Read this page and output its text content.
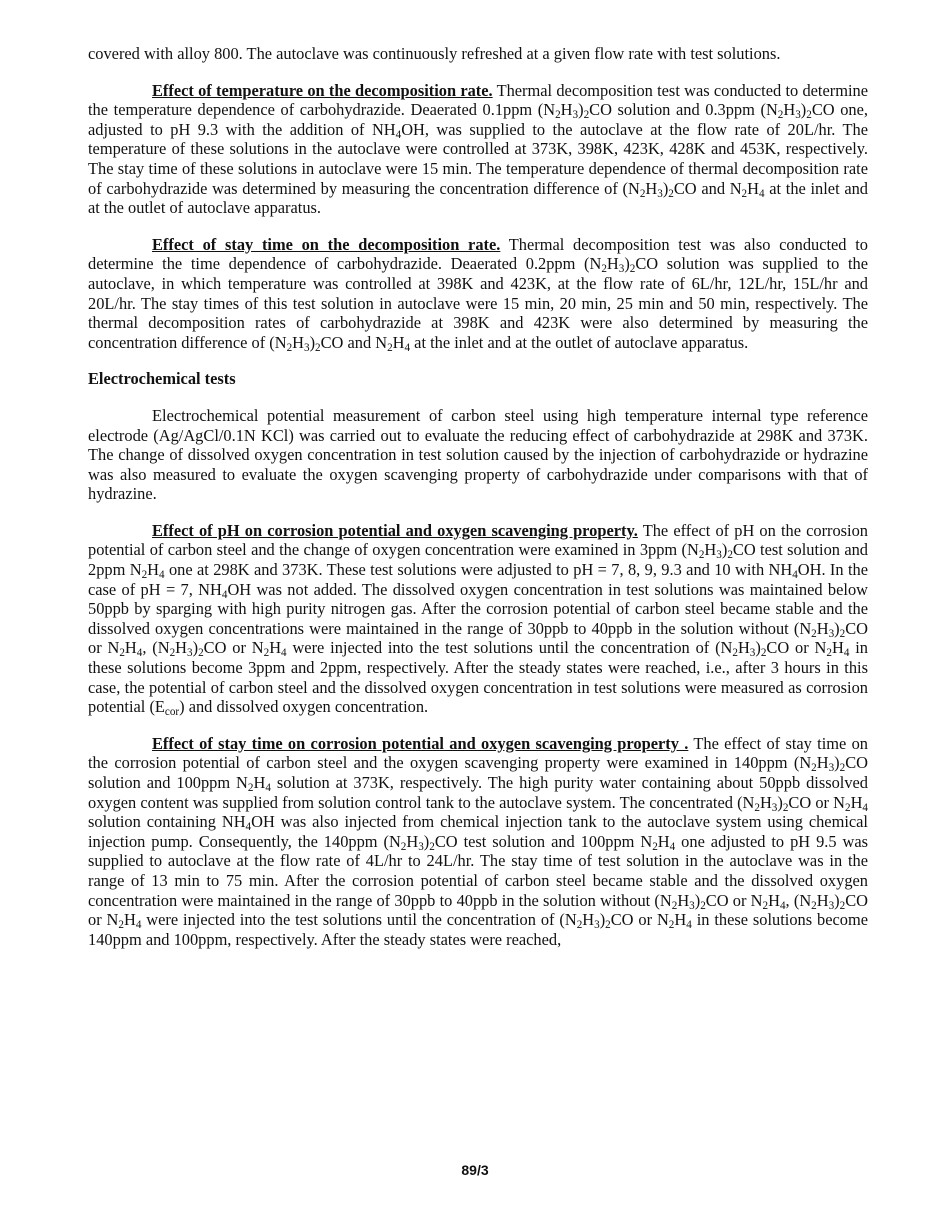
covered with alloy 800. The autoclave was continuously refreshed at a given flow rate with test solutions.

Effect of temperature on the decomposition rate. Thermal decomposition test was conducted to determine the temperature dependence of carbohydrazide. Deaerated 0.1ppm $(N_2H_3)_2CO$ solution and 0.3ppm $(N_2H_3)_2CO$ one, adjusted to pH 9.3 with the addition of $NH_4OH$, was supplied to the autoclave at the flow rate of 20L/hr. The temperature of these solutions in the autoclave were controlled at 373K, 398K, 423K, 428K and 453K, respectively. The stay time of these solutions in autoclave were 15 min. The temperature dependence of thermal decomposition rate of carbohydrazide was determined by measuring the concentration difference of $(N_2H_3)_2CO$ and $N_2H_4$ at the inlet and at the outlet of autoclave apparatus.

Effect of stay time on the decomposition rate. Thermal decomposition test was also conducted to determine the time dependence of carbohydrazide. Deaerated 0.2ppm $(N_2H_3)_2CO$ solution was supplied to the autoclave, in which temperature was controlled at 398K and 423K, at the flow rate of 6L/hr, 12L/hr, 15L/hr and 20L/hr. The stay times of this test solution in autoclave were 15 min, 20 min, 25 min and 50 min, respectively. The thermal decomposition rates of carbohydrazide at 398K and 423K were also determined by measuring the concentration difference of $(N_2H_3)_2CO$ and $N_2H_4$ at the inlet and at the outlet of autoclave apparatus.

Electrochemical tests

Electrochemical potential measurement of carbon steel using high temperature internal type reference electrode (Ag/AgCl/0.1N KCl) was carried out to evaluate the reducing effect of carbohydrazide at 298K and 373K. The change of dissolved oxygen concentration in test solution caused by the injection of carbohydrazide or hydrazine was also measured to evaluate the oxygen scavenging property of carbohydrazide under comparisons with that of hydrazine.

Effect of pH on corrosion potential and oxygen scavenging property. The effect of pH on the corrosion potential of carbon steel and the change of oxygen concentration were examined in 3ppm $(N_2H_3)_2CO$ test solution and 2ppm $N_2H_4$ one at 298K and 373K. These test solutions were adjusted to pH = 7, 8, 9, 9.3 and 10 with $NH_4OH$. In the case of pH = 7, $NH_4OH$ was not added. The dissolved oxygen concentration in test solutions was maintained below 50ppb by sparging with high purity nitrogen gas. After the corrosion potential of carbon steel became stable and the dissolved oxygen concentrations were maintained in the range of 30ppb to 40ppb in the solution without $(N_2H_3)_2CO$ or $N_2H_4$, $(N_2H_3)_2CO$ or $N_2H_4$ were injected into the test solutions until the concentration of $(N_2H_3)_2CO$ or $N_2H_4$ in these solutions become 3ppm and 2ppm, respectively. After the steady states were reached, i.e., after 3 hours in this case, the potential of carbon steel and the dissolved oxygen concentration in test solutions were measured as corrosion potential $(E_{cor})$ and dissolved oxygen concentration.

Effect of stay time on corrosion potential and oxygen scavenging property . The effect of stay time on the corrosion potential of carbon steel and the oxygen scavenging property were examined in 140ppm $(N_2H_3)_2CO$ solution and 100ppm $N_2H_4$ solution at 373K, respectively. The high purity water containing about 50ppb dissolved oxygen content was supplied from solution control tank to the autoclave system. The concentrated $(N_2H_3)_2CO$ or $N_2H_4$ solution containing $NH_4OH$ was also injected from chemical injection tank to the autoclave system using chemical injection pump. Consequently, the 140ppm $(N_2H_3)_2CO$ test solution and 100ppm $N_2H_4$ one adjusted to pH 9.5 was supplied to autoclave at the flow rate of 4L/hr to 24L/hr. The stay time of test solution in the autoclave was in the range of 13 min to 75 min. After the corrosion potential of carbon steel became stable and the dissolved oxygen concentration were maintained in the range of 30ppb to 40ppb in the solution without $(N_2H_3)_2CO$ or $N_2H_4$, $(N_2H_3)_2CO$ or $N_2H_4$ were injected into the test solutions until the concentration of $(N_2H_3)_2CO$ or $N_2H_4$ in these solutions become 140ppm and 100ppm, respectively. After the steady states were reached,

89/3
